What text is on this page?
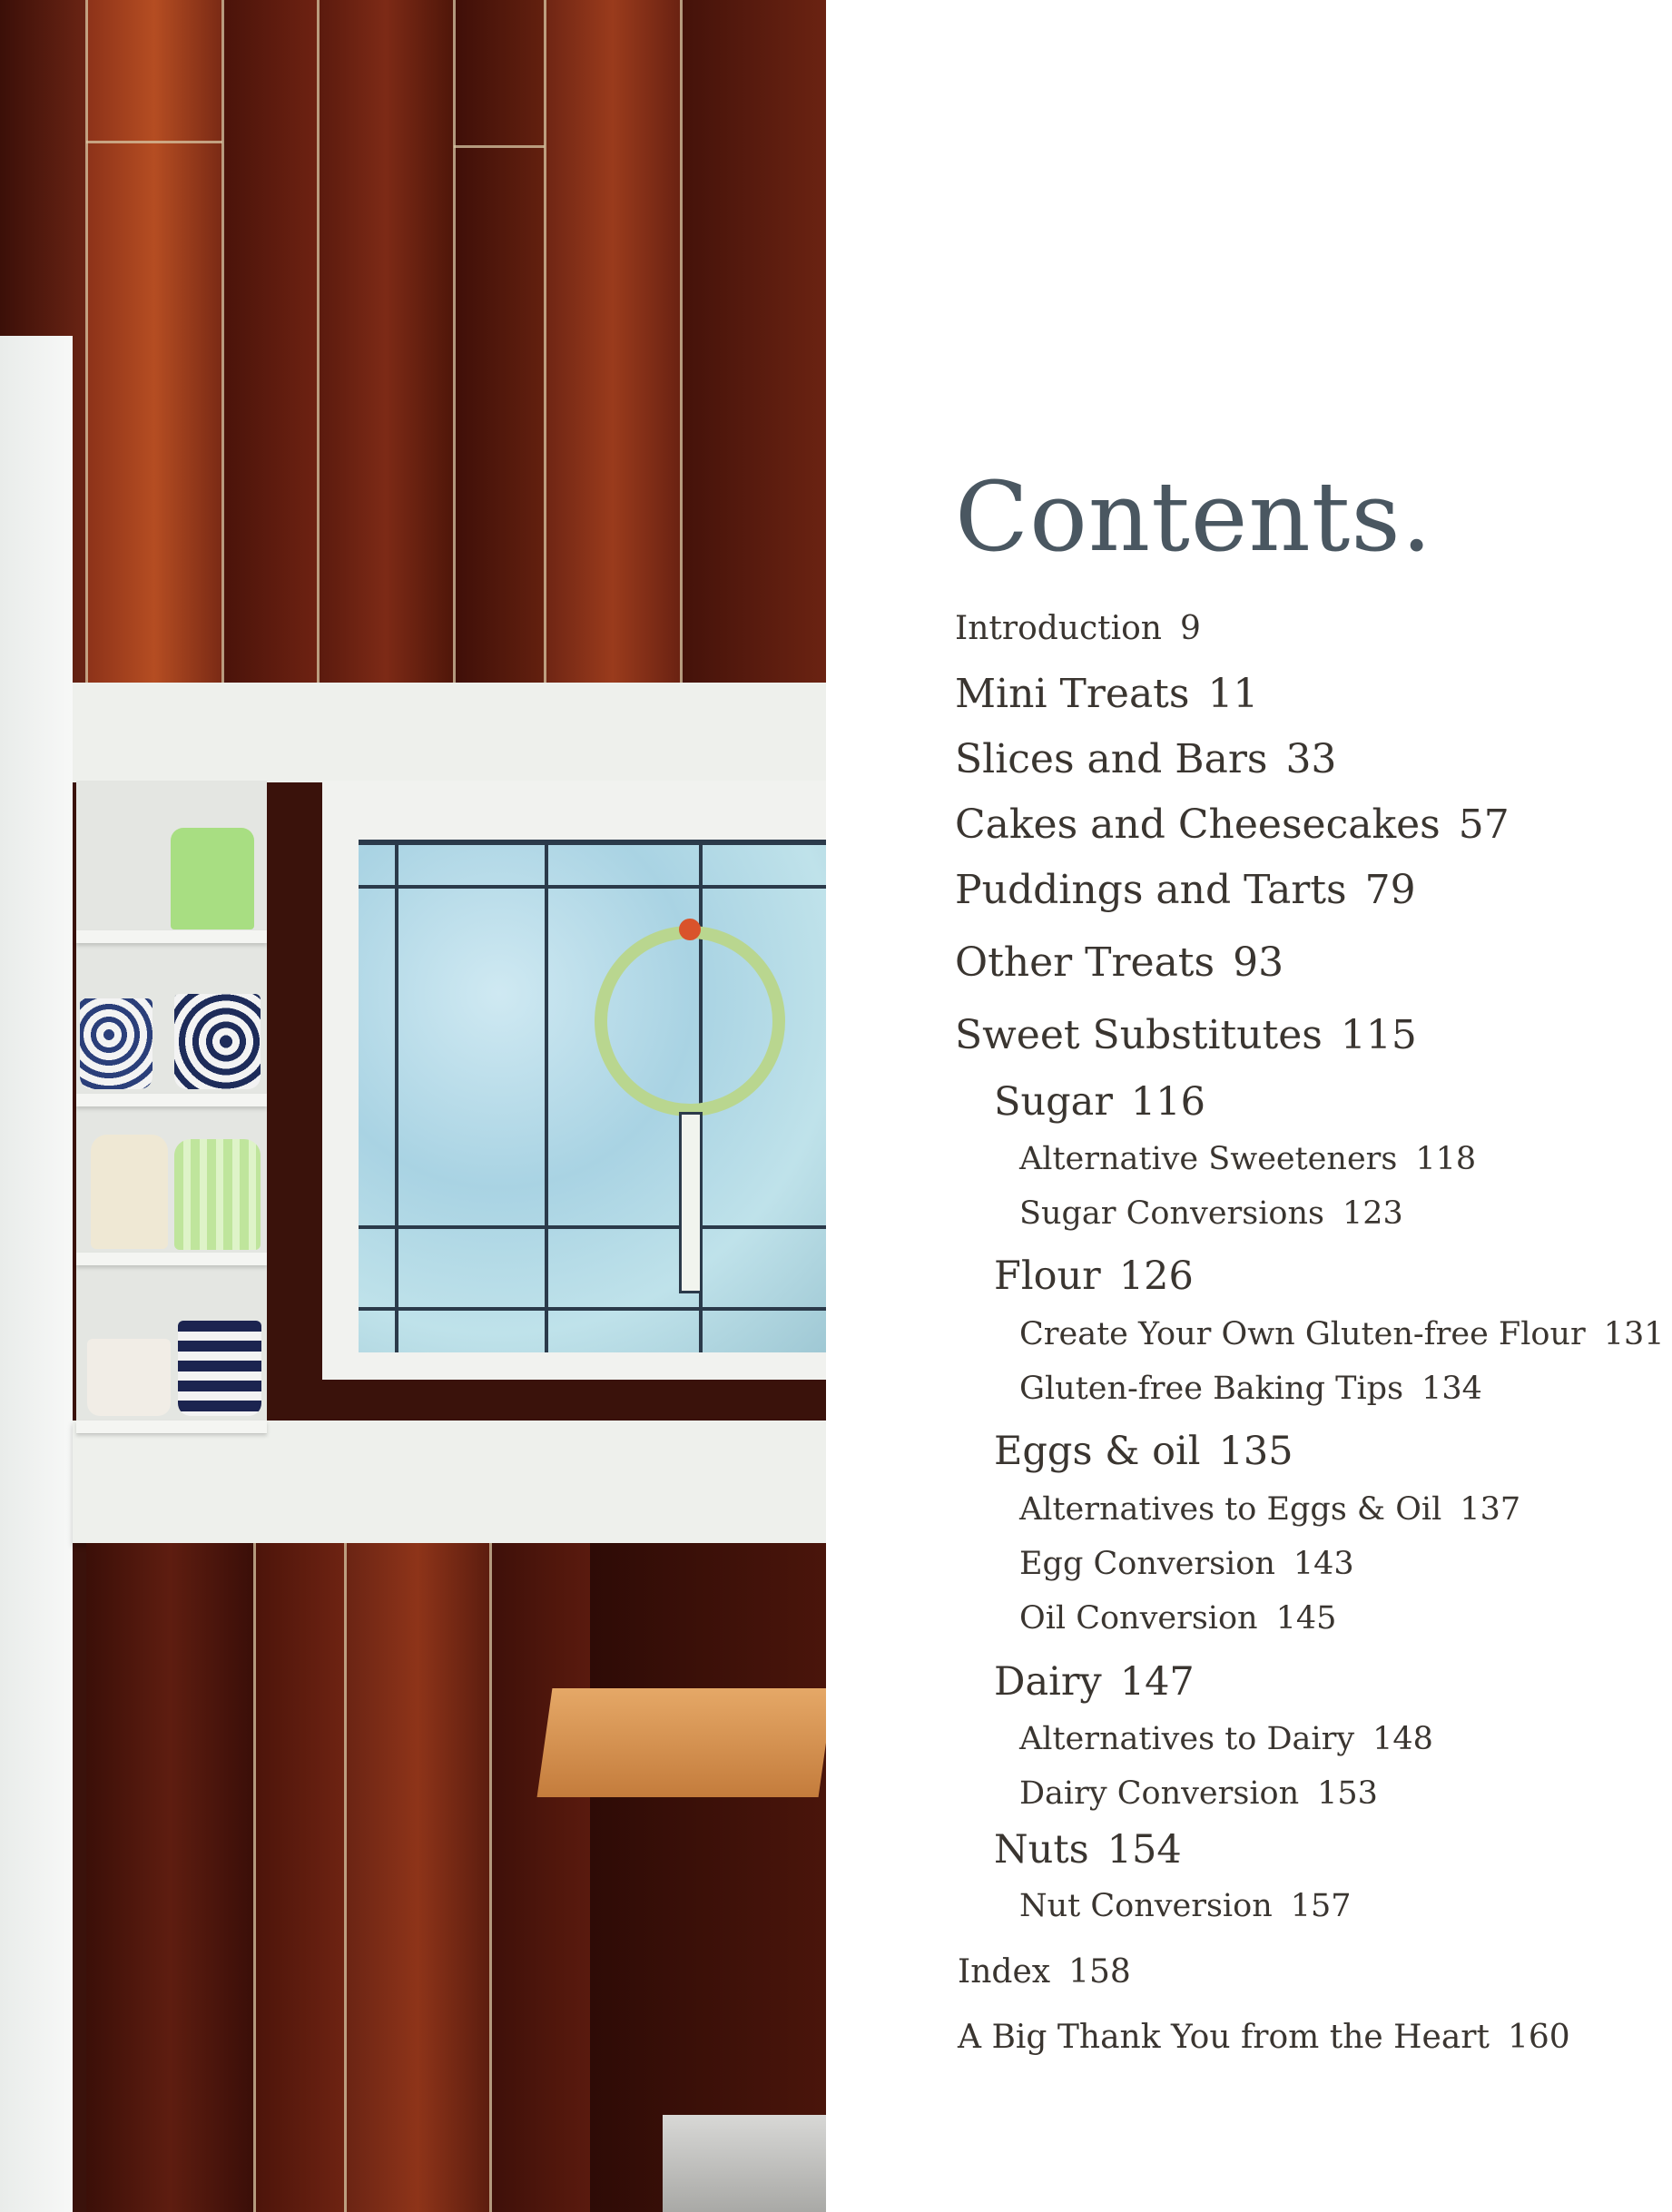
Contents.
Introduction 9
Mini Treats 11
Slices and Bars 33
Cakes and Cheesecakes 57
Puddings and Tarts 79
Other Treats 93
Sweet Substitutes 115
Sugar 116
Alternative Sweeteners 118
Sugar Conversions 123
Flour 126
Create Your Own Gluten-free Flour 131
Gluten-free Baking Tips 134
Eggs & oil 135
Alternatives to Eggs & Oil 137
Egg Conversion 143
Oil Conversion 145
Dairy 147
Alternatives to Dairy 148
Dairy Conversion 153
Nuts 154
Nut Conversion 157
Index 158
A Big Thank You from the Heart 160
